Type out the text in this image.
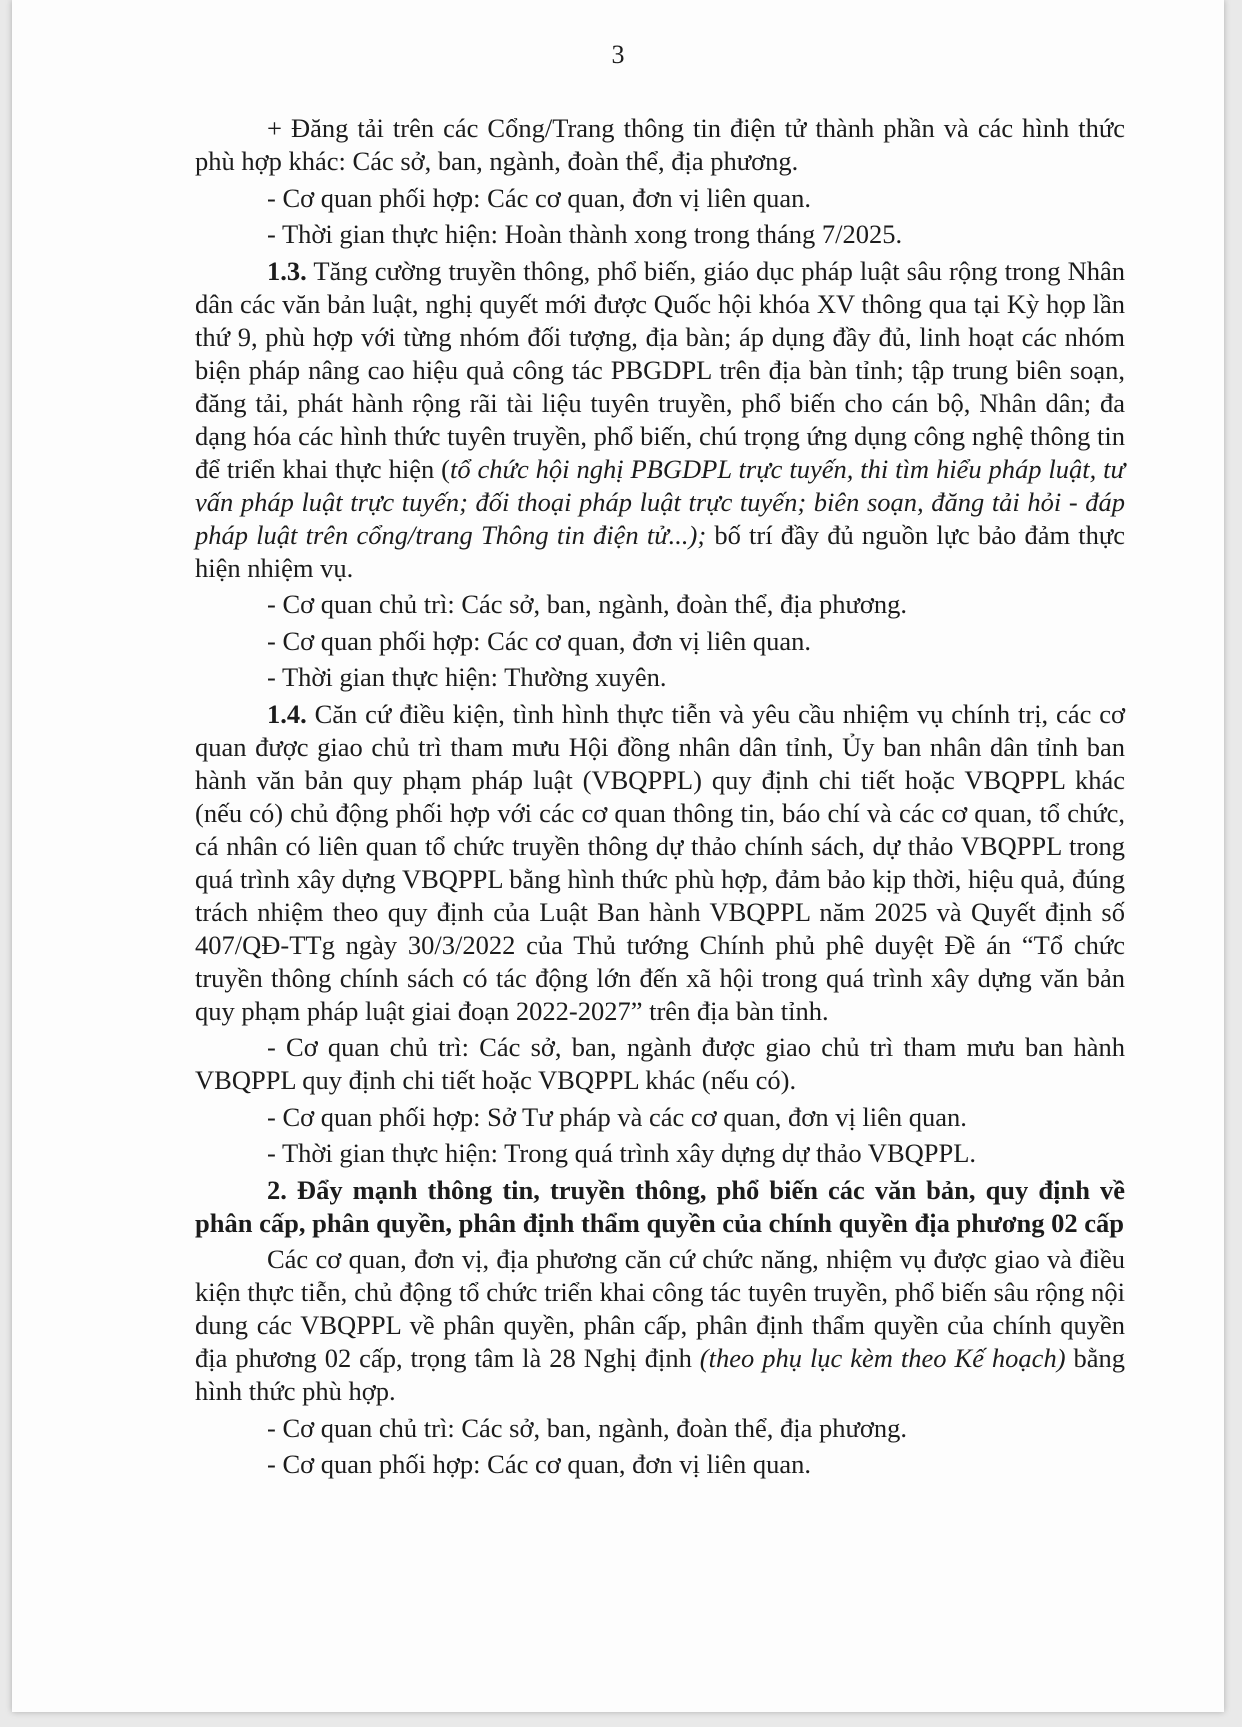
3

+ Đăng tải trên các Cổng/Trang thông tin điện tử thành phần và các hình thức phù hợp khác: Các sở, ban, ngành, đoàn thể, địa phương.

- Cơ quan phối hợp: Các cơ quan, đơn vị liên quan.

- Thời gian thực hiện: Hoàn thành xong trong tháng 7/2025.

1.3. Tăng cường truyền thông, phổ biến, giáo dục pháp luật sâu rộng trong Nhân dân các văn bản luật, nghị quyết mới được Quốc hội khóa XV thông qua tại Kỳ họp lần thứ 9, phù hợp với từng nhóm đối tượng, địa bàn; áp dụng đầy đủ, linh hoạt các nhóm biện pháp nâng cao hiệu quả công tác PBGDPL trên địa bàn tỉnh; tập trung biên soạn, đăng tải, phát hành rộng rãi tài liệu tuyên truyền, phổ biến cho cán bộ, Nhân dân; đa dạng hóa các hình thức tuyên truyền, phổ biến, chú trọng ứng dụng công nghệ thông tin để triển khai thực hiện (tổ chức hội nghị PBGDPL trực tuyến, thi tìm hiểu pháp luật, tư vấn pháp luật trực tuyến; đối thoại pháp luật trực tuyến; biên soạn, đăng tải hỏi - đáp pháp luật trên cổng/trang Thông tin điện tử...); bố trí đầy đủ nguồn lực bảo đảm thực hiện nhiệm vụ.

- Cơ quan chủ trì: Các sở, ban, ngành, đoàn thể, địa phương.

- Cơ quan phối hợp: Các cơ quan, đơn vị liên quan.

- Thời gian thực hiện: Thường xuyên.

1.4. Căn cứ điều kiện, tình hình thực tiễn và yêu cầu nhiệm vụ chính trị, các cơ quan được giao chủ trì tham mưu Hội đồng nhân dân tỉnh, Ủy ban nhân dân tỉnh ban hành văn bản quy phạm pháp luật (VBQPPL) quy định chi tiết hoặc VBQPPL khác (nếu có) chủ động phối hợp với các cơ quan thông tin, báo chí và các cơ quan, tổ chức, cá nhân có liên quan tổ chức truyền thông dự thảo chính sách, dự thảo VBQPPL trong quá trình xây dựng VBQPPL bằng hình thức phù hợp, đảm bảo kịp thời, hiệu quả, đúng trách nhiệm theo quy định của Luật Ban hành VBQPPL năm 2025 và Quyết định số 407/QĐ-TTg ngày 30/3/2022 của Thủ tướng Chính phủ phê duyệt Đề án “Tổ chức truyền thông chính sách có tác động lớn đến xã hội trong quá trình xây dựng văn bản quy phạm pháp luật giai đoạn 2022-2027” trên địa bàn tỉnh.

- Cơ quan chủ trì: Các sở, ban, ngành được giao chủ trì tham mưu ban hành VBQPPL quy định chi tiết hoặc VBQPPL khác (nếu có).

- Cơ quan phối hợp: Sở Tư pháp và các cơ quan, đơn vị liên quan.

- Thời gian thực hiện: Trong quá trình xây dựng dự thảo VBQPPL.

2. Đẩy mạnh thông tin, truyền thông, phổ biến các văn bản, quy định về phân cấp, phân quyền, phân định thẩm quyền của chính quyền địa phương 02 cấp

Các cơ quan, đơn vị, địa phương căn cứ chức năng, nhiệm vụ được giao và điều kiện thực tiễn, chủ động tổ chức triển khai công tác tuyên truyền, phổ biến sâu rộng nội dung các VBQPPL về phân quyền, phân cấp, phân định thẩm quyền của chính quyền địa phương 02 cấp, trọng tâm là 28 Nghị định (theo phụ lục kèm theo Kế hoạch) bằng hình thức phù hợp.

- Cơ quan chủ trì: Các sở, ban, ngành, đoàn thể, địa phương.

- Cơ quan phối hợp: Các cơ quan, đơn vị liên quan.
